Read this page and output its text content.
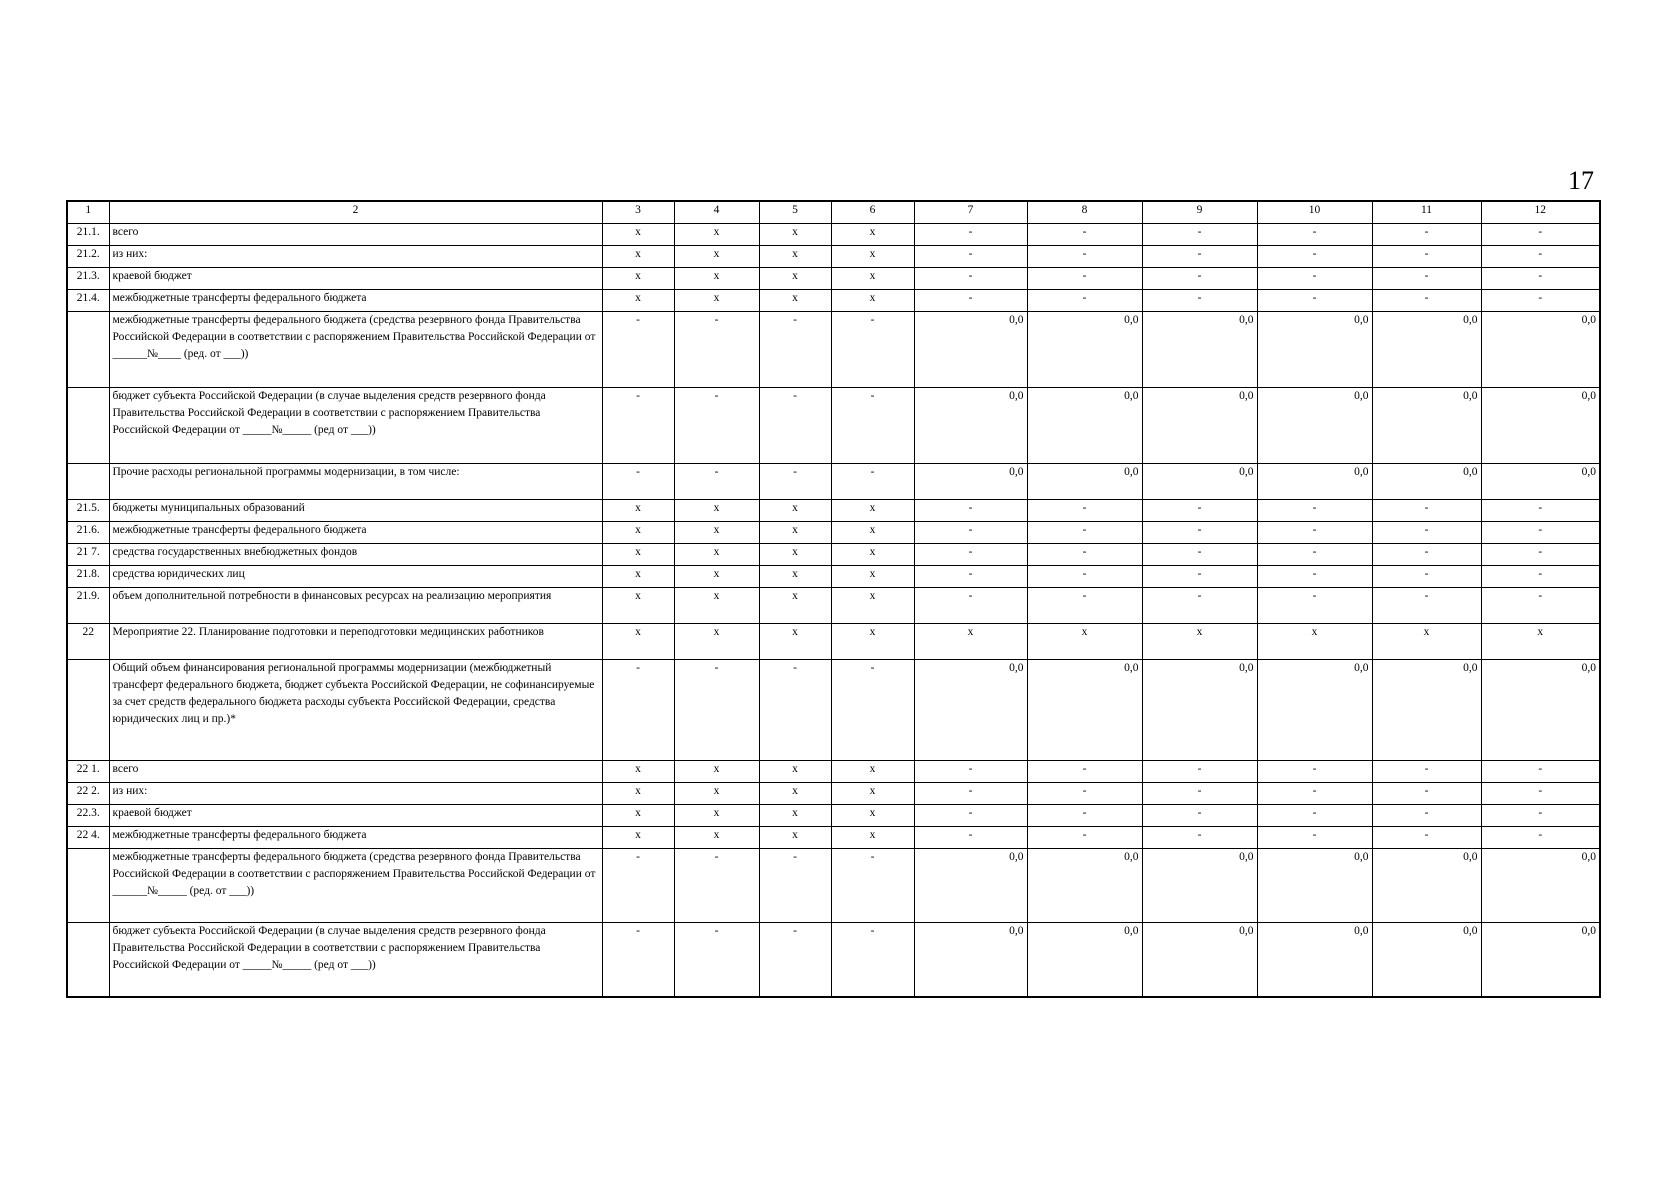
17
1	2	3	4	5	6	7	8	9	10	11	12
21.1.	всего	х	х	х	х	-	-	-	-	-	-
21.2.	из них:	х	х	х	х	-	-	-	-	-	-
21.3.	краевой бюджет	х	х	х	х	-	-	-	-	-	-
21.4.	межбюджетные трансферты федерального бюджета	х	х	х	х	-	-	-	-	-	-
	межбюджетные трансферты федерального бюджета (средства резервного фонда Правительства Российской Федерации в соответствии с распоряжением Правительства Российской Федерации от ______№____ (ред. от ___))	-	-	-	-	0,0	0,0	0,0	0,0	0,0	0,0
	бюджет субъекта Российской Федерации (в случае выделения средств резервного фонда Правительства Российской Федерации в соответствии с распоряжением Правительства Российской Федерации от _____№_____ (ред от ___))	-	-	-	-	0,0	0,0	0,0	0,0	0,0	0,0
	Прочие расходы региональной программы модернизации, в том числе:	-	-	-	-	0,0	0,0	0,0	0,0	0,0	0,0
21.5.	бюджеты муниципальных образований	х	х	х	х	-	-	-	-	-	-
21.6.	межбюджетные трансферты федерального бюджета	х	х	х	х	-	-	-	-	-	-
21 7.	средства государственных внебюджетных фондов	х	х	х	х	-	-	-	-	-	-
21.8.	средства юридических лиц	х	х	х	х	-	-	-	-	-	-
21.9.	объем дополнительной потребности в финансовых ресурсах на реализацию мероприятия	х	х	х	х	-	-	-	-	-	-
22	Мероприятие 22. Планирование подготовки и переподготовки медицинских работников	х	х	х	х	х	х	х	х	х	х
	Общий объем финансирования региональной программы модернизации (межбюджетный трансферт федерального бюджета, бюджет субъекта Российской Федерации, не софинансируемые за счет средств федерального бюджета расходы субъекта Российской Федерации, средства юридических лиц и пр.)*	-	-	-	-	0,0	0,0	0,0	0,0	0,0	0,0
22 1.	всего	х	х	х	х	-	-	-	-	-	-
22 2.	из них:	х	х	х	х	-	-	-	-	-	-
22.3.	краевой бюджет	х	х	х	х	-	-	-	-	-	-
22 4.	межбюджетные трансферты федерального бюджета	х	х	х	х	-	-	-	-	-	-
	межбюджетные трансферты федерального бюджета (средства резервного фонда Правительства Российской Федерации в соответствии с распоряжением Правительства Российской Федерации от ______№_____ (ред. от ___))	-	-	-	-	0,0	0,0	0,0	0,0	0,0	0,0
	бюджет субъекта Российской Федерации (в случае выделения средств резервного фонда Правительства Российской Федерации в соответствии с распоряжением Правительства Российской Федерации от _____№_____ (ред от ___))	-	-	-	-	0,0	0,0	0,0	0,0	0,0	0,0
